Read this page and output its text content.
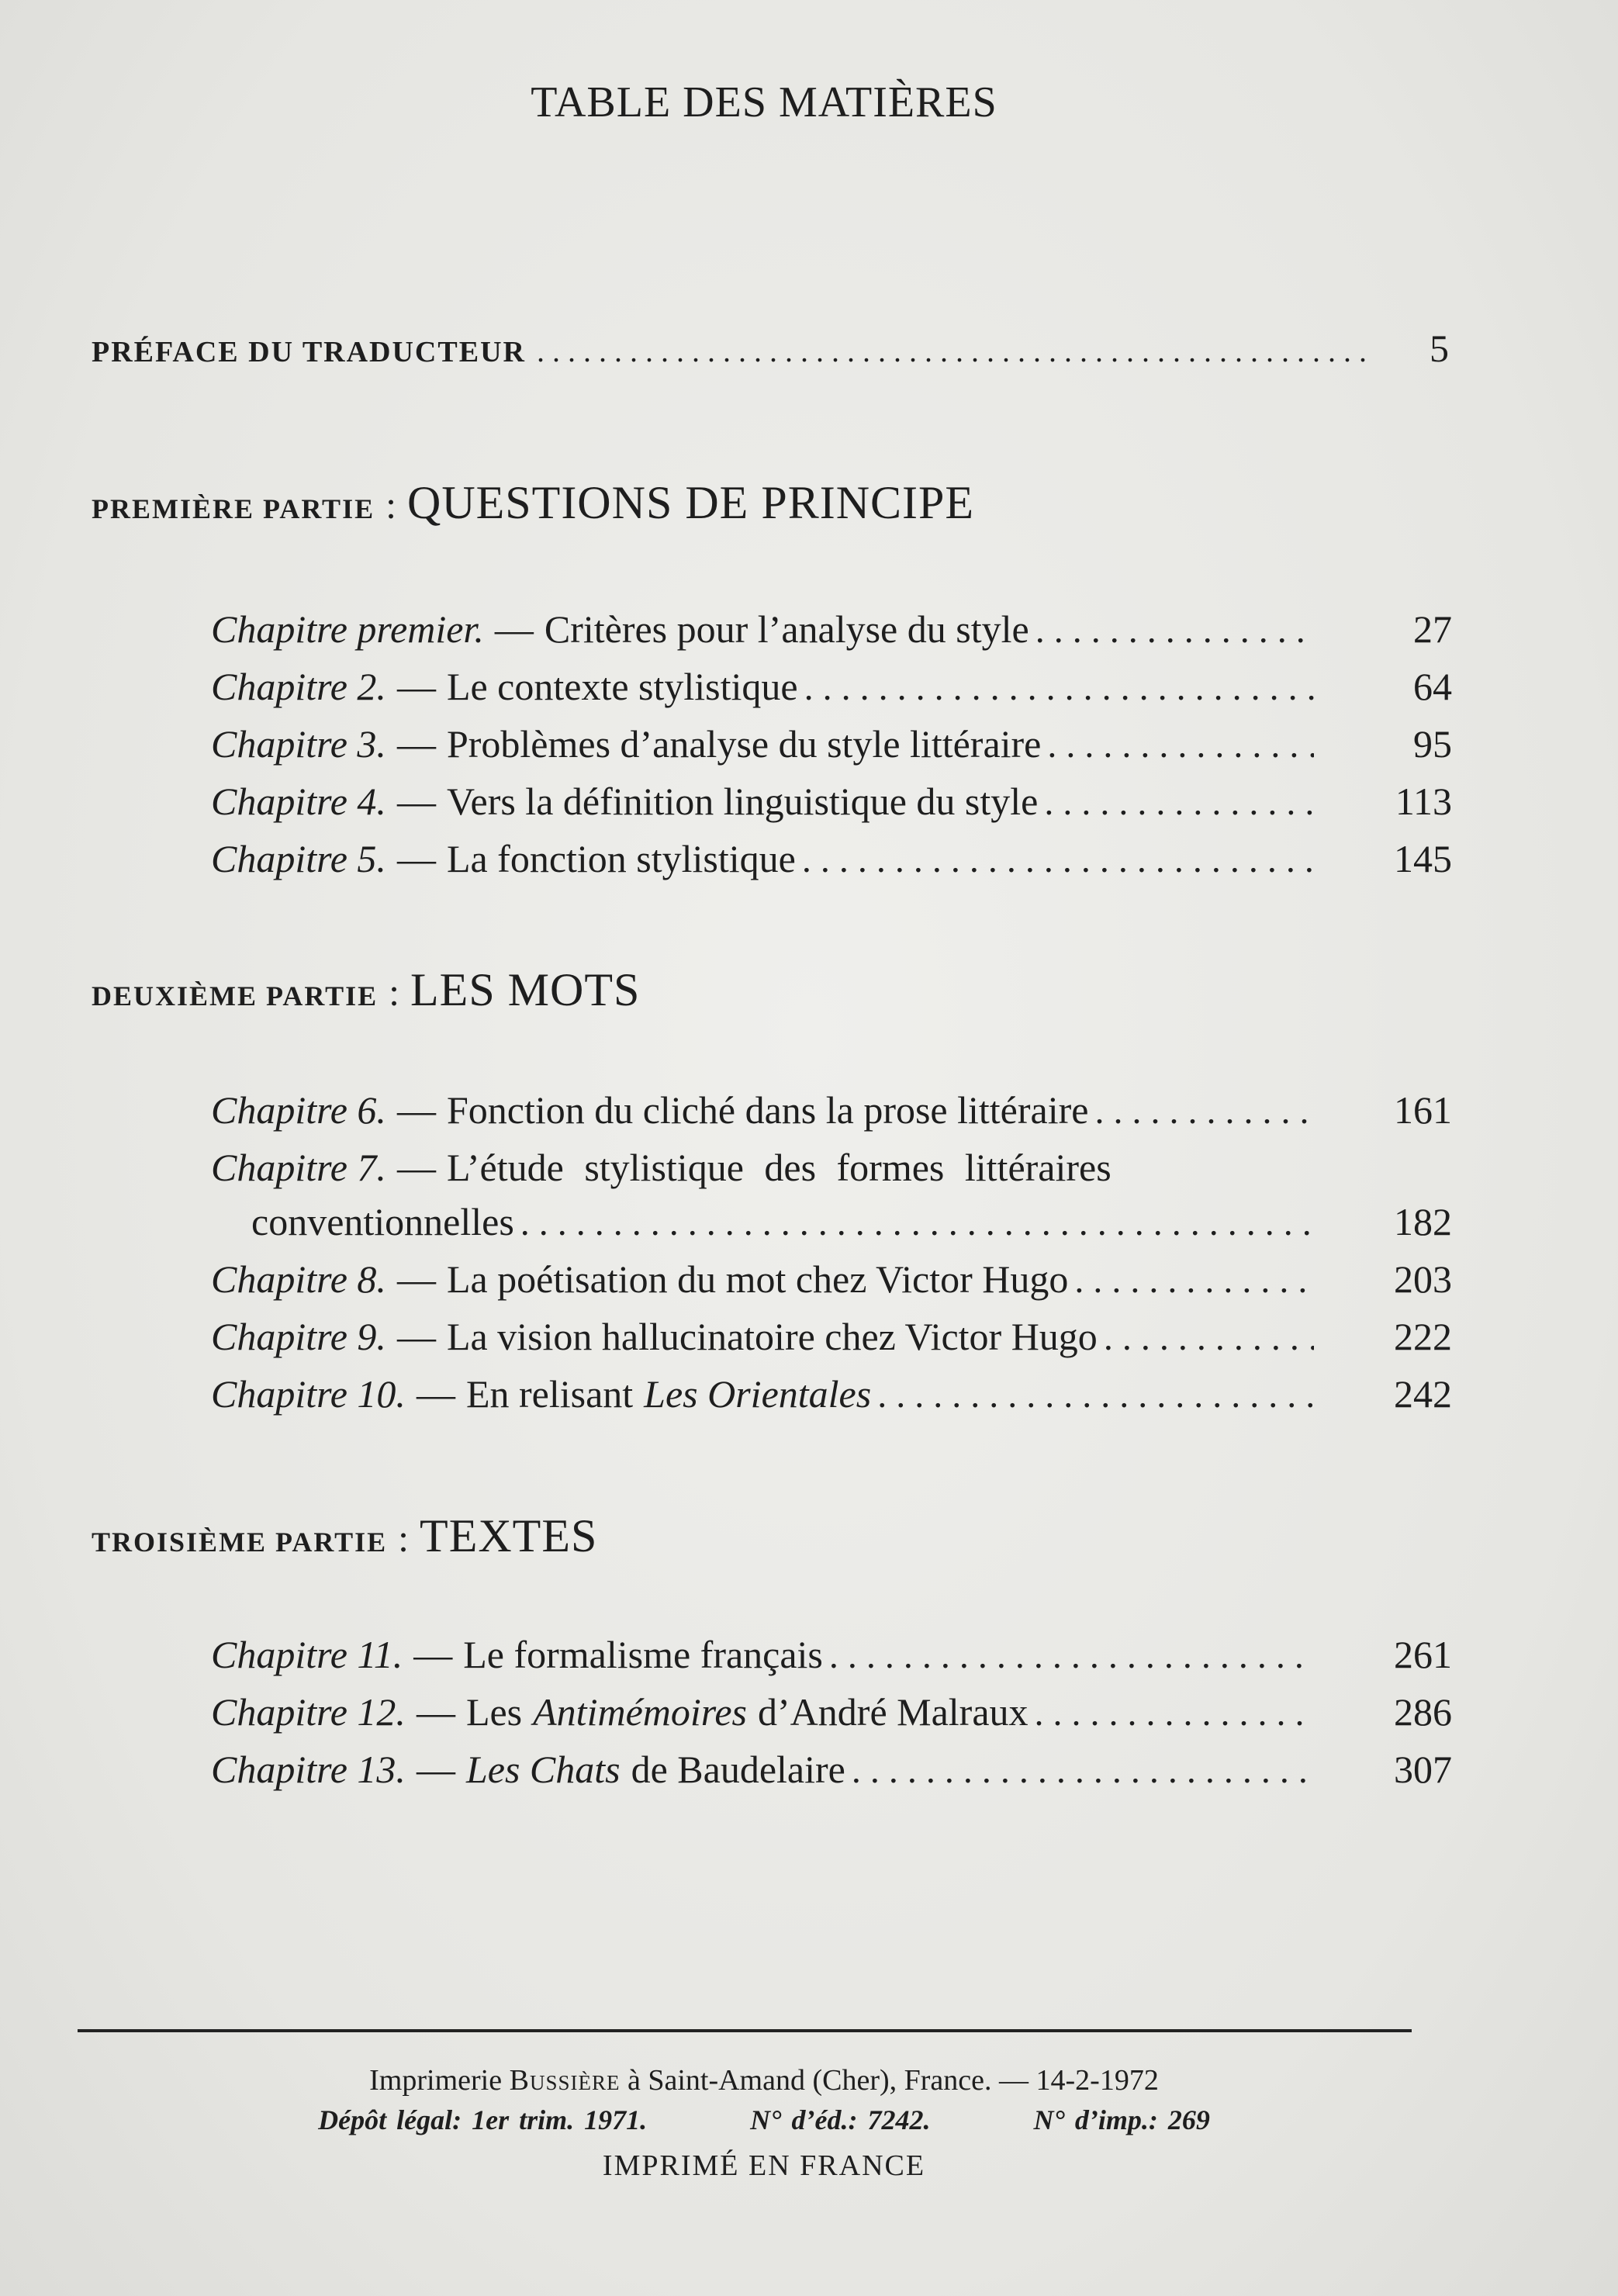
TABLE DES MATIÈRES
PRÉFACE DU TRADUCTEUR . . .	5
PREMIÈRE PARTIE : QUESTIONS DE PRINCIPE
Chapitre premier. — Critères pour l’analyse du style . . .	27
Chapitre 2. — Le contexte stylistique . . .	64
Chapitre 3. — Problèmes d’analyse du style littéraire . . .	95
Chapitre 4. — Vers la définition linguistique du style . . .	113
Chapitre 5. — La fonction stylistique . . .	145
DEUXIÈME PARTIE : LES MOTS
Chapitre 6. — Fonction du cliché dans la prose littéraire . . .	161
Chapitre 7. — L’étude stylistique des formes littéraires
conventionnelles . . .	182
Chapitre 8. — La poétisation du mot chez Victor Hugo . . .	203
Chapitre 9. — La vision hallucinatoire chez Victor Hugo . . .	222
Chapitre 10. — En relisant Les Orientales . . .	242
TROISIÈME PARTIE : TEXTES
Chapitre 11. — Le formalisme français . . .	261
Chapitre 12. — Les Antimémoires d’André Malraux . . .	286
Chapitre 13. — Les Chats de Baudelaire . . .	307
Imprimerie Bussière à Saint-Amand (Cher), France. — 14-2-1972
Dépôt légal: 1er trim. 1971.	N° d’éd.: 7242.	N° d’imp.: 269
IMPRIMÉ EN FRANCE
